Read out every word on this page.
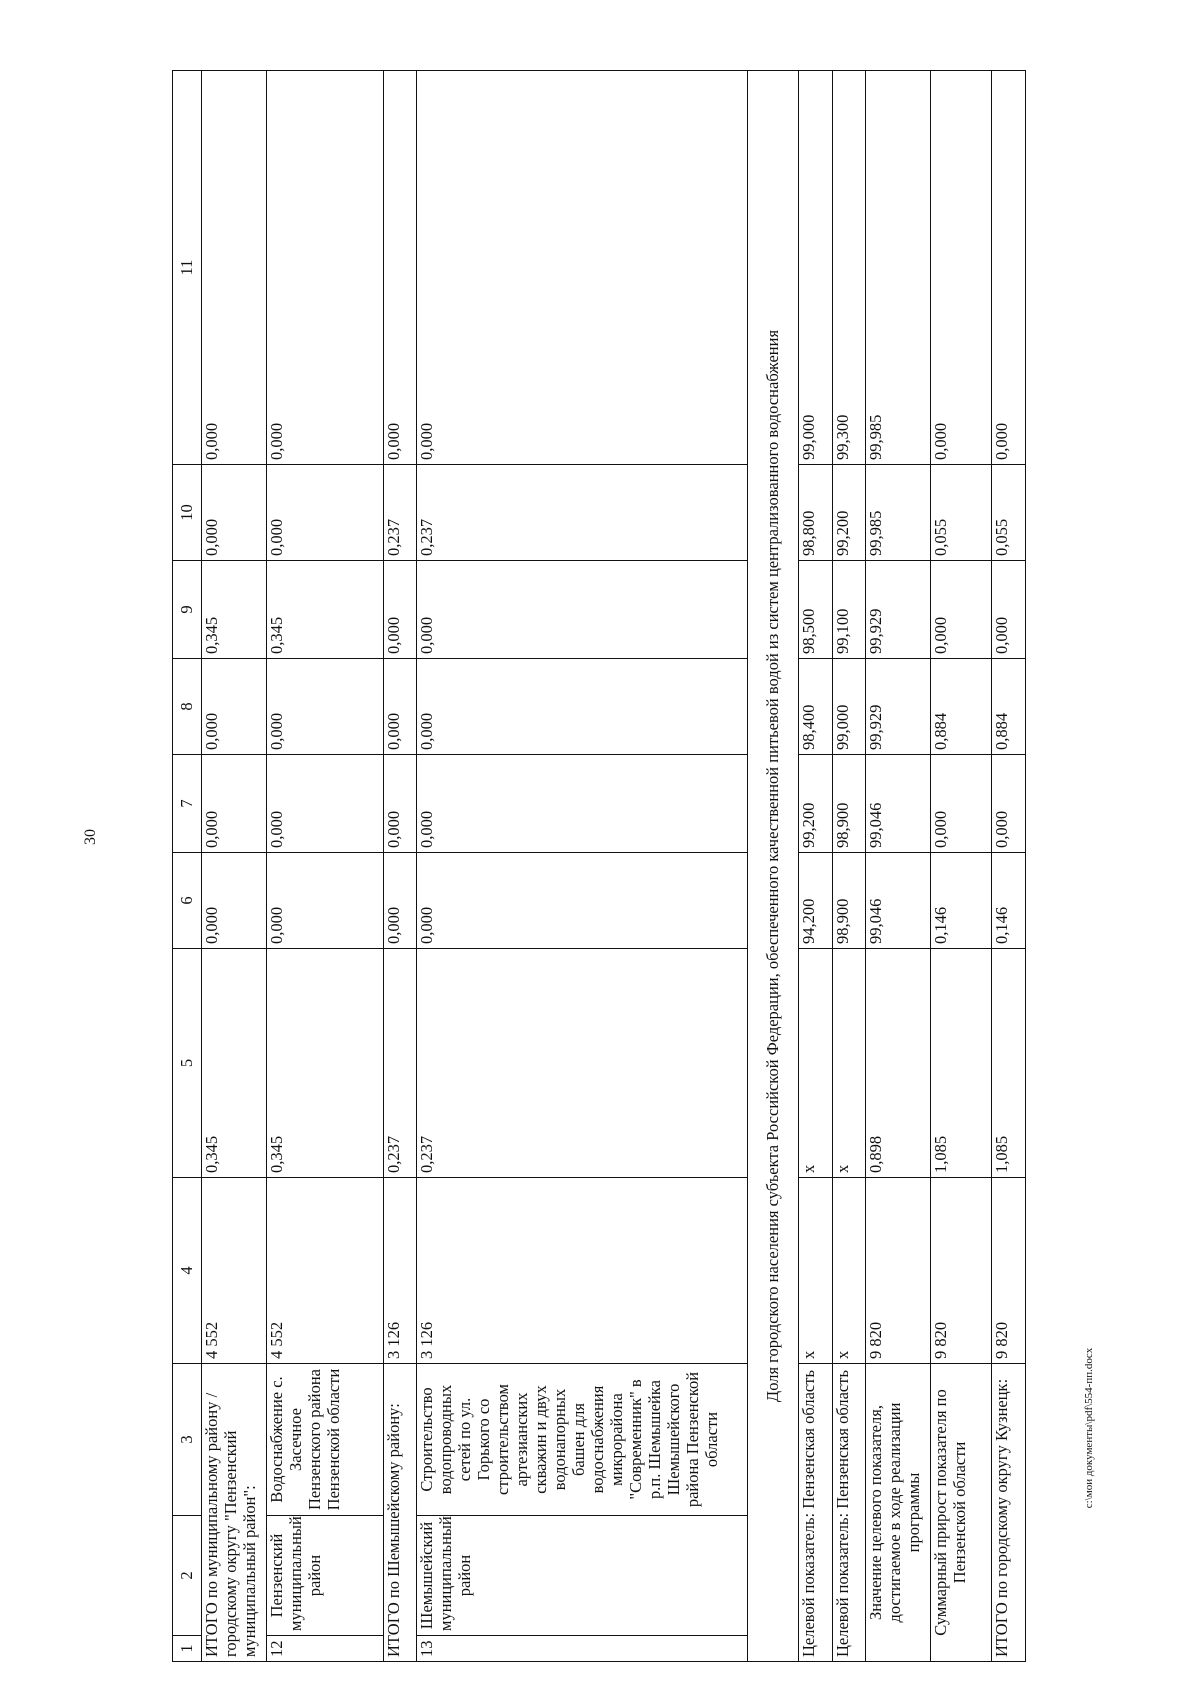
30
1	2	3	4	5	6	7	8	9	10	11
ИТОГО по муниципальному району / городскому округу "Пензенский муниципальный район":			4 552	0,345	0,000	0,000	0,000	0,345	0,000	0,000
12	Пензенский муниципальный район	Водоснабжение с. Засечное Пензенского района Пензенской области	4 552	0,345	0,000	0,000	0,000	0,345	0,000	0,000
ИТОГО по Шемышейскому району:			3 126	0,237	0,000	0,000	0,000	0,000	0,237	0,000
13	Шемышейский муниципальный район	Строительство водопроводных сетей по ул. Горького со строительством артезианских скважин и двух водонапорных башен для водоснабжения микрорайона "Современник" в р.п. Шемышейка Шемышейского района Пензенской области	3 126	0,237	0,000	0,000	0,000	0,000	0,237	0,000
Доля городского населения субъекта Российской Федерации, обеспеченного качественной питьевой водой из систем централизованного водоснабжения										
Целевой показатель: Пензенская область			x	x	94,200	99,200	98,400	98,500	98,800	99,000
Целевой показатель: Пензенская область			x	x	98,900	98,900	99,000	99,100	99,200	99,300
Значение целевого показателя, достигаемое в ходе реализации программы			9 820	0,898	99,046	99,046	99,929	99,929	99,985	99,985
Суммарный прирост показателя по Пензенской области			9 820	1,085	0,146	0,000	0,884	0,000	0,055	0,000
ИТОГО по городскому округу Кузнецк:			9 820	1,085	0,146	0,000	0,884	0,000	0,055	0,000
c:\мои документы\pdf\554-пп.docx
